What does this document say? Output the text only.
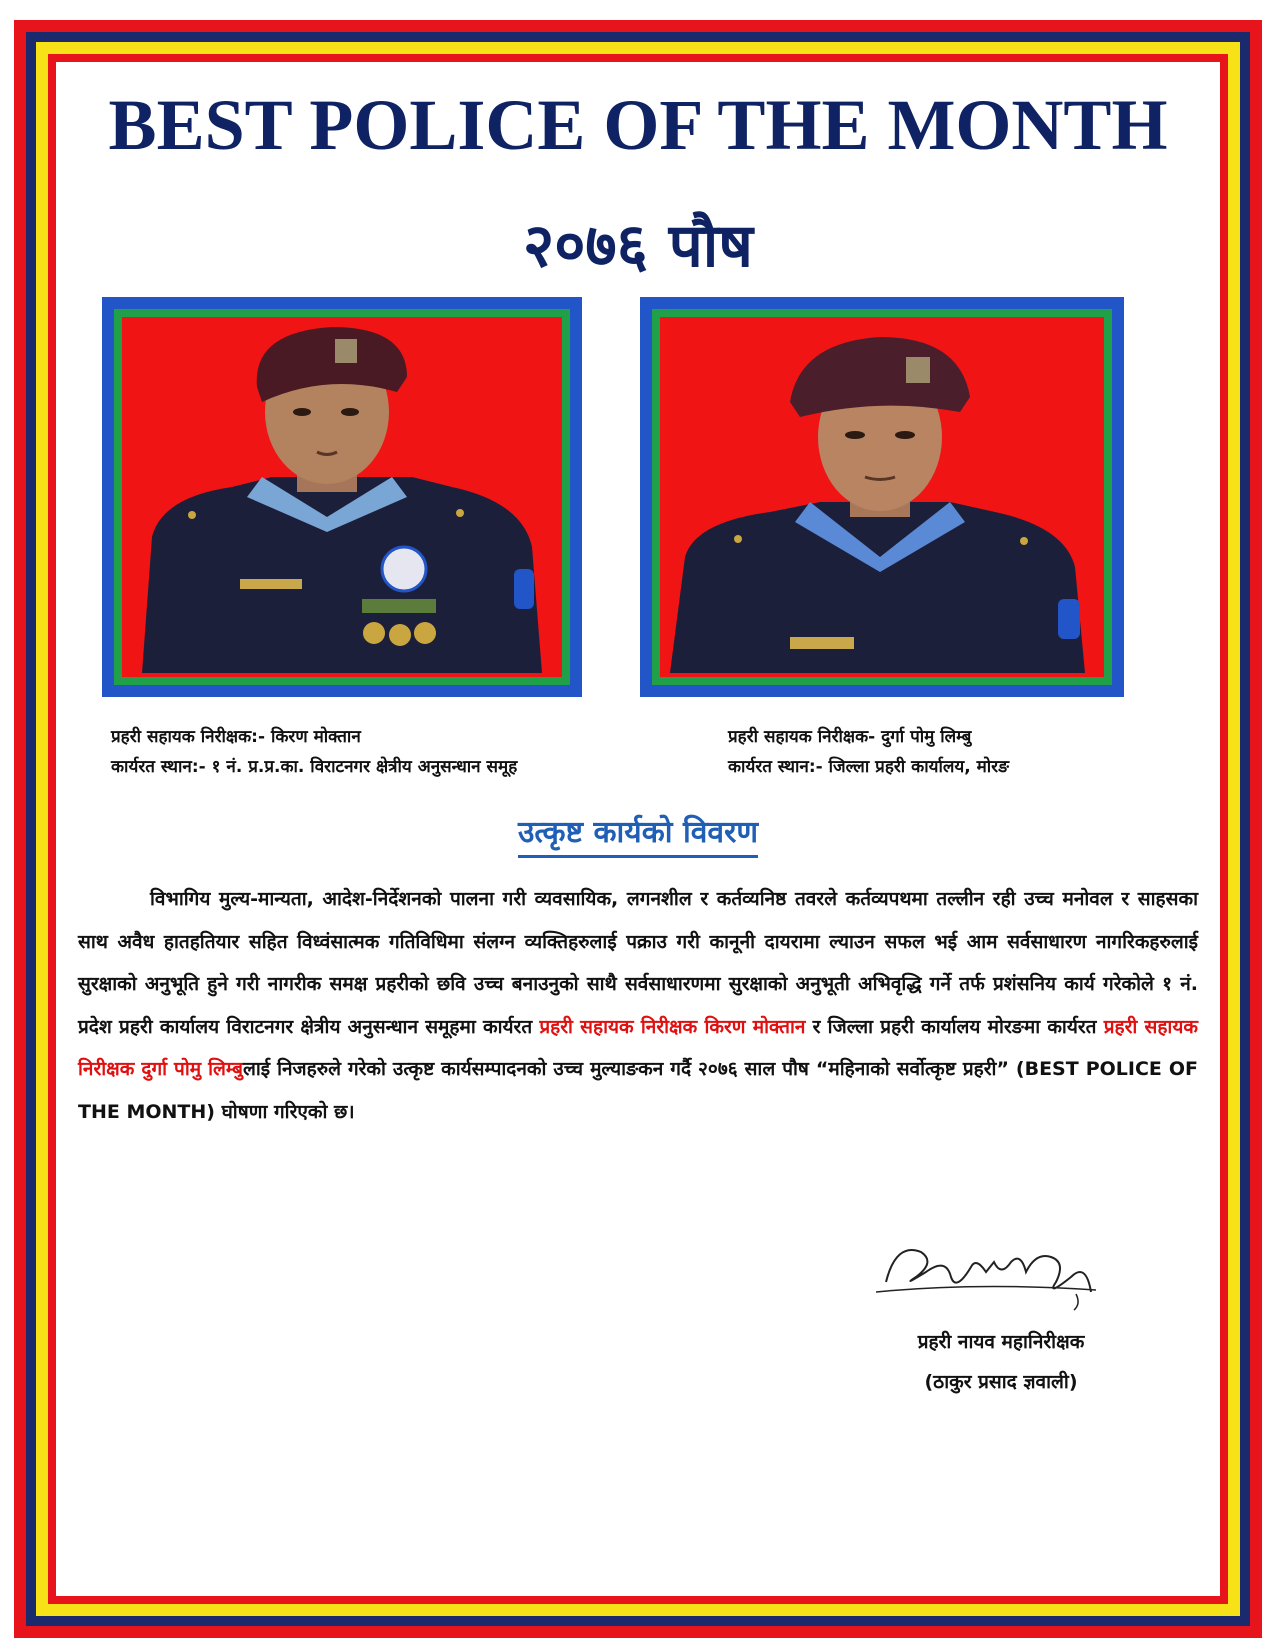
BEST POLICE OF THE MONTH
२०७६ पौष

प्रहरी सहायक निरीक्षक:- किरण मोक्तान

कार्यरत स्थान:- १ नं. प्र.प्र.का. विराटनगर क्षेत्रीय अनुसन्धान समूह

प्रहरी सहायक निरीक्षक- दुर्गा पोमु लिम्बु

कार्यरत स्थान:- जिल्ला प्रहरी कार्यालय, मोरङ

उत्कृष्ट कार्यको विवरण

विभागिय मुल्य-मान्यता, आदेश-निर्देशनको पालना गरी व्यवसायिक, लगनशील र कर्तव्यनिष्ठ तवरले कर्तव्यपथमा तल्लीन रही उच्च मनोवल र साहसका साथ अवैध हातहतियार सहित विध्वंसात्मक गतिविधिमा संलग्न व्यक्तिहरुलाई पक्राउ गरी कानूनी दायरामा ल्याउन सफल भई आम सर्वसाधारण नागरिकहरुलाई सुरक्षाको अनुभूति हुने गरी नागरीक समक्ष प्रहरीको छवि उच्च बनाउनुको साथै सर्वसाधारणमा सुरक्षाको अनुभूती अभिवृद्धि गर्ने तर्फ प्रशंसनिय कार्य गरेकोले १ नं. प्रदेश प्रहरी कार्यालय विराटनगर क्षेत्रीय अनुसन्धान समूहमा कार्यरत प्रहरी सहायक निरीक्षक किरण मोक्तान र जिल्ला प्रहरी कार्यालय मोरङमा कार्यरत प्रहरी सहायक निरीक्षक दुर्गा पोमु लिम्बुलाई निजहरुले गरेको उत्कृष्ट कार्यसम्पादनको उच्च मुल्याङकन गर्दै २०७६ साल पौष “महिनाको सर्वोत्कृष्ट प्रहरी” (BEST POLICE OF THE MONTH) घोषणा गरिएको छ।

प्रहरी नायव महानिरीक्षक

(ठाकुर प्रसाद ज्ञवाली)
